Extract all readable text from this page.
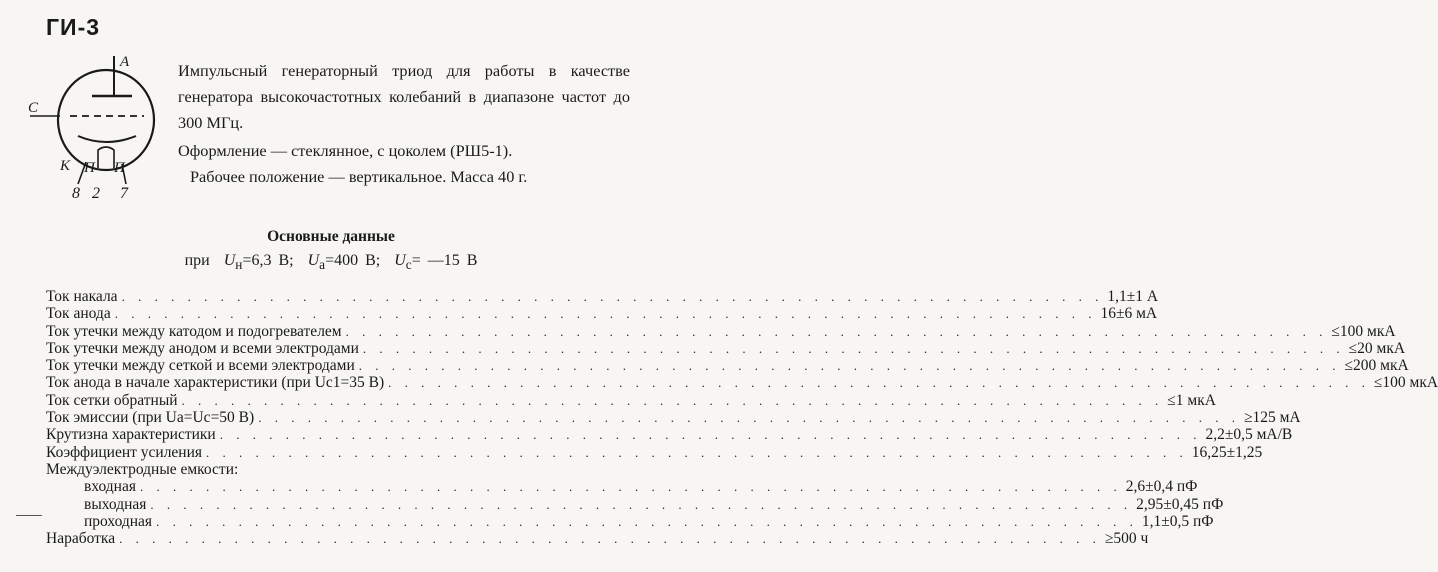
ГИ-3
А
С
К П П
8 2 7

Импульсный генераторный триод для работы в качестве генератора высокочастотных колебаний в диапазоне частот до 300 МГц.

Оформление — стеклянное, с цоколем (РШ5-1).

Рабочее положение — вертикальное. Масса 40 г.

Основные данные
при $U_н=6,3$ В; $U_а=400$ В; $U_с=$ —15 В
Ток накала . . . . . . . . . . . . . . . . . . . . . . . . . . . . . . . . . . . . . . . . . . . . . . . . . . . . . . . . . . . . 1,1±1 А
Ток анода . . . . . . . . . . . . . . . . . . . . . . . . . . . . . . . . . . . . . . . . . . . . . . . . . . . . . . . . . . . . 16±6 мА
Ток утечки между катодом и подогревателем . . . . . . . . . . . . . . . . . . . . . . . . . . . . . . . . . . . . . . . . . . . . . . . . . . . . . . . . . . . . ≤100 мкА
Ток утечки между анодом и всеми электродами . . . . . . . . . . . . . . . . . . . . . . . . . . . . . . . . . . . . . . . . . . . . . . . . . . . . . . . . . . . . ≤20 мкА
Ток утечки между сеткой и всеми электродами . . . . . . . . . . . . . . . . . . . . . . . . . . . . . . . . . . . . . . . . . . . . . . . . . . . . . . . . . . . . ≤200 мкА
Ток анода в начале характеристики (при Uc1=35 В) . . . . . . . . . . . . . . . . . . . . . . . . . . . . . . . . . . . . . . . . . . . . . . . . . . . . . . . . . . . . ≤100 мкА
Ток сетки обратный . . . . . . . . . . . . . . . . . . . . . . . . . . . . . . . . . . . . . . . . . . . . . . . . . . . . . . . . . . . . ≤1 мкА
Ток эмиссии (при Ua=Uc=50 В) . . . . . . . . . . . . . . . . . . . . . . . . . . . . . . . . . . . . . . . . . . . . . . . . . . . . . . . . . . . . ≥125 мА
Крутизна характеристики . . . . . . . . . . . . . . . . . . . . . . . . . . . . . . . . . . . . . . . . . . . . . . . . . . . . . . . . . . . . 2,2±0,5 мА/В
Коэффициент усиления . . . . . . . . . . . . . . . . . . . . . . . . . . . . . . . . . . . . . . . . . . . . . . . . . . . . . . . . . . . . 16,25±1,25
Междуэлектродные емкости:
входная . . . . . . . . . . . . . . . . . . . . . . . . . . . . . . . . . . . . . . . . . . . . . . . . . . . . . . . . . . . . 2,6±0,4 пФ
выходная . . . . . . . . . . . . . . . . . . . . . . . . . . . . . . . . . . . . . . . . . . . . . . . . . . . . . . . . . . . . 2,95±0,45 пФ
проходная . . . . . . . . . . . . . . . . . . . . . . . . . . . . . . . . . . . . . . . . . . . . . . . . . . . . . . . . . . . . 1,1±0,5 пФ
Наработка . . . . . . . . . . . . . . . . . . . . . . . . . . . . . . . . . . . . . . . . . . . . . . . . . . . . . . . . . . . . ≥500 ч
